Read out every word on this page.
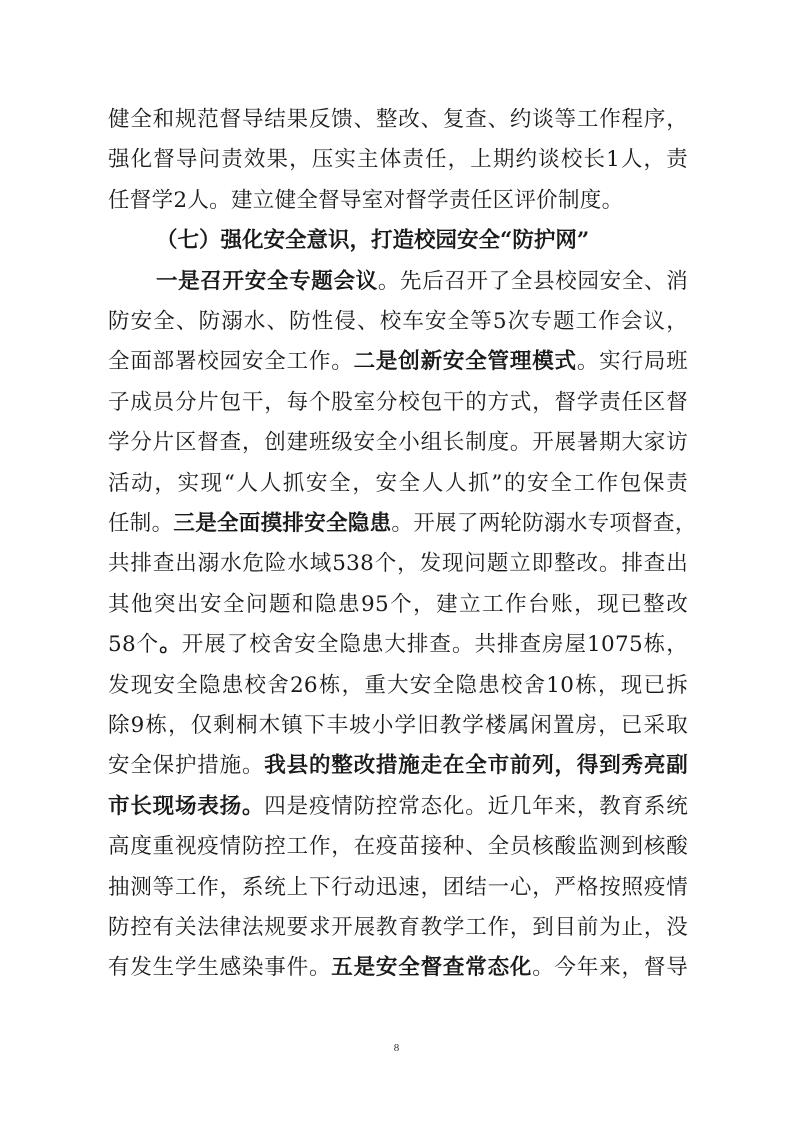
健全和规范督导结果反馈、整改、复查、约谈等工作程序，
强化督导问责效果，压实主体责任，上期约谈校长1人，责
任督学2人。建立健全督导室对督学责任区评价制度。
（七）强化安全意识，打造校园安全“防护网”
一是召开安全专题会议。先后召开了全县校园安全、消
防安全、防溺水、防性侵、校车安全等5次专题工作会议，
全面部署校园安全工作。二是创新安全管理模式。实行局班
子成员分片包干，每个股室分校包干的方式，督学责任区督
学分片区督查，创建班级安全小组长制度。开展暑期大家访
活动，实现“人人抓安全，安全人人抓”的安全工作包保责
任制。三是全面摸排安全隐患。开展了两轮防溺水专项督查，
共排查出溺水危险水域538个，发现问题立即整改。排查出
其他突出安全问题和隐患95个，建立工作台账，现已整改
58个。开展了校舍安全隐患大排查。共排查房屋1075栋，
发现安全隐患校舍26栋，重大安全隐患校舍10栋，现已拆
除9栋，仅剩桐木镇下丰坡小学旧教学楼属闲置房，已采取
安全保护措施。我县的整改措施走在全市前列，得到秀亮副
市长现场表扬。四是疫情防控常态化。近几年来，教育系统
高度重视疫情防控工作，在疫苗接种、全员核酸监测到核酸
抽测等工作，系统上下行动迅速，团结一心，严格按照疫情
防控有关法律法规要求开展教育教学工作，到目前为止，没
有发生学生感染事件。五是安全督查常态化。今年来，督导
8
